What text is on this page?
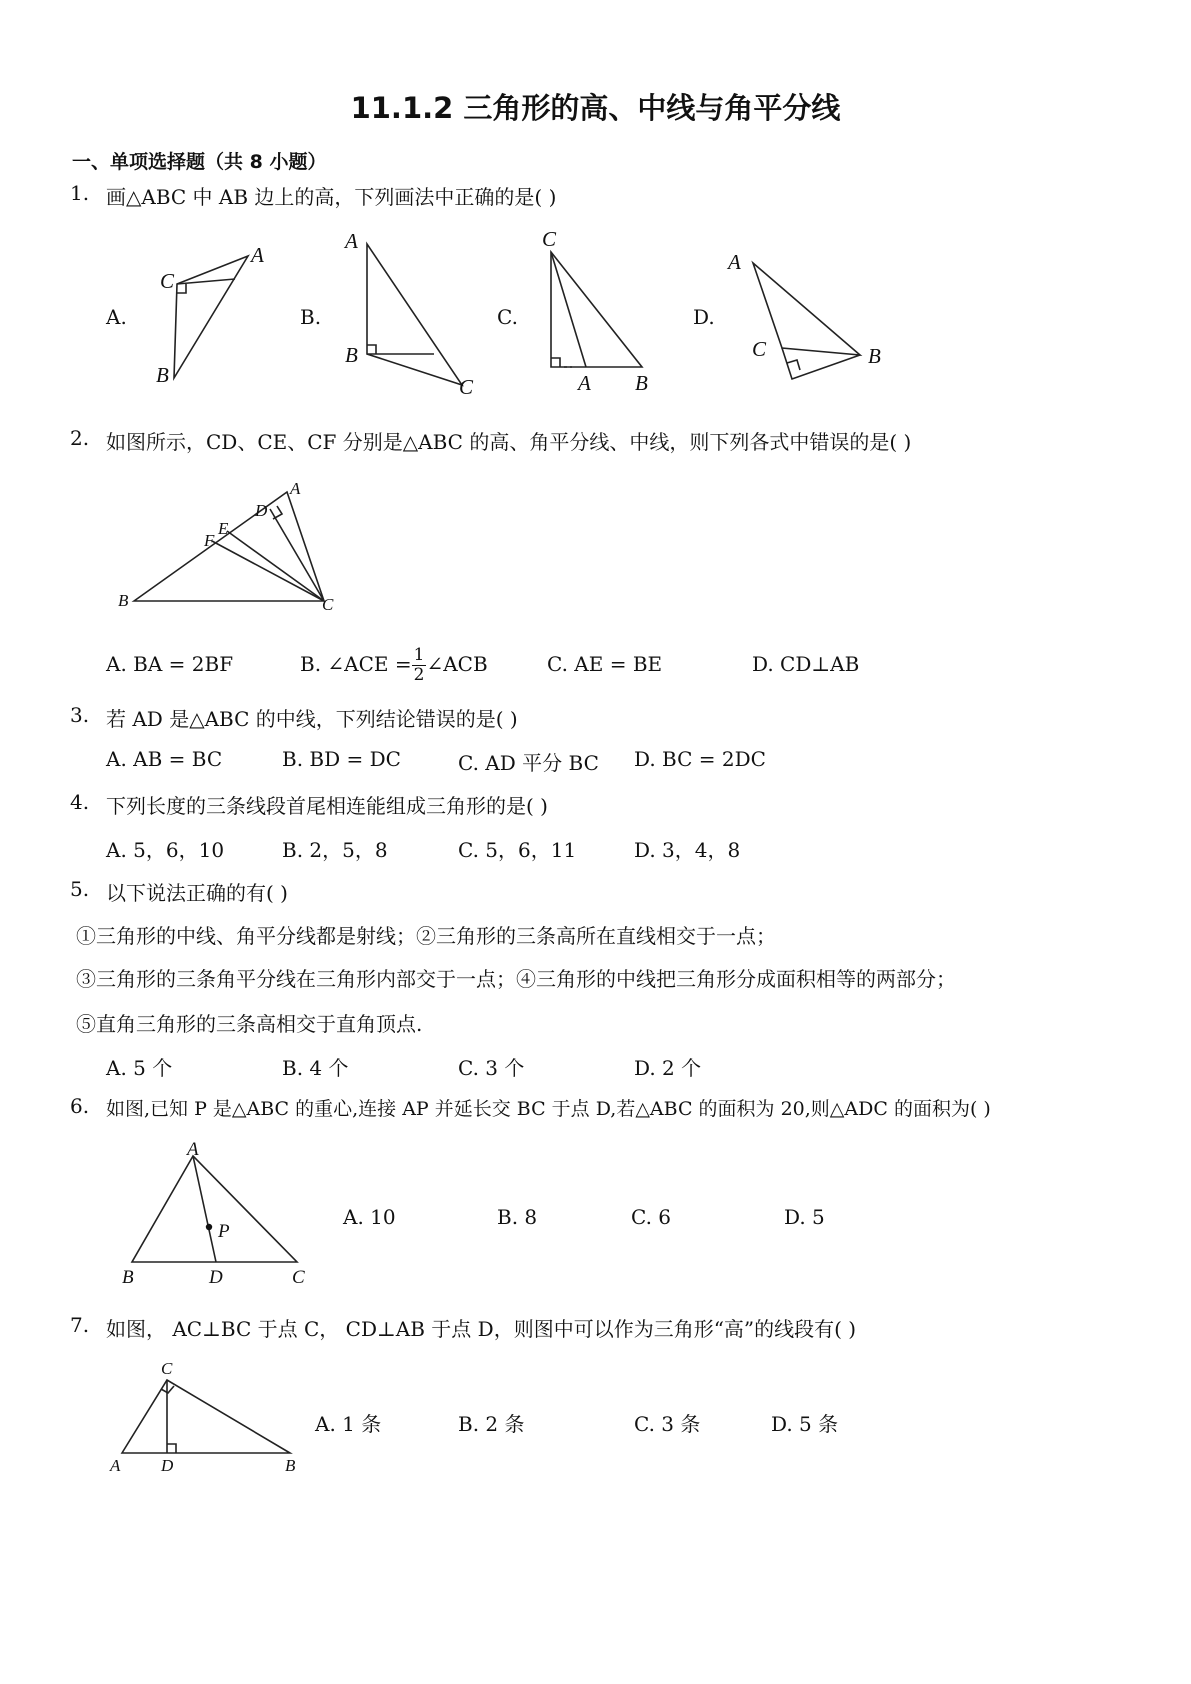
11.1.2 三角形的高、中线与角平分线
一、单项选择题（共 8 小题）
1. 画△ABC 中 AB 边上的高，下列画法中正确的是( )
A.	B.	C.	D.
C
A
B
A
B
C
C
A B
A
C	B
2. 如图所示，CD、CE、CF 分别是△ABC 的高、角平分线、中线，则下列各式中错误的是( )
A
D
E
F
B	C
A. BA = 2BF	B. ∠ACE = $\frac{1}{2}$ ∠ACB	C. AE = BE	D. CD⊥AB
3. 若 AD 是△ABC 的中线，下列结论错误的是( )
A. AB = BC	B. BD = DC	C. AD 平分 BC D. BC = 2DC
4. 下列长度的三条线段首尾相连能组成三角形的是( )
A. 5，6，10	B. 2，5，8	C. 5，6，11	D. 3，4，8
5. 以下说法正确的有( )
①三角形的中线、角平分线都是射线；②三角形的三条高所在直线相交于一点；
③三角形的三条角平分线在三角形内部交于一点；④三角形的中线把三角形分成面积相等的两部分；
⑤直角三角形的三条高相交于直角顶点.
A. 5 个	B. 4 个	C. 3 个	D. 2 个
6. 如图,已知 P 是△ABC 的重心,连接 AP 并延长交 BC 于点 D,若△ABC 的面积为 20,则△ADC 的面积为( )
A
P
B	D	C
A. 10	B. 8	C. 6	D. 5
7. 如图， AC⊥BC 于点 C， CD⊥AB 于点 D，则图中可以作为三角形“高”的线段有( )
C
A D	B
A. 1 条	B. 2 条	C. 3 条	D. 5 条
